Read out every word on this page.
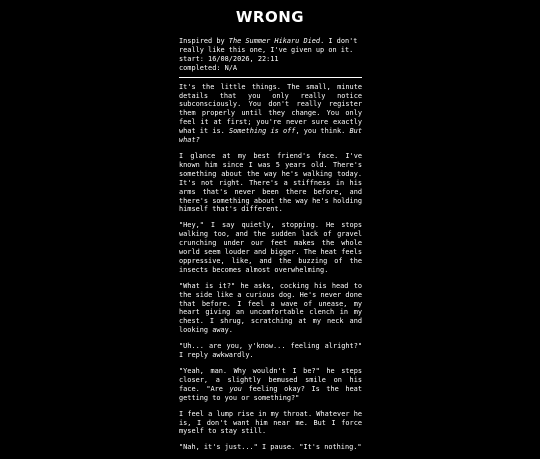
WRONG

Inspired by The Summer Hikaru Died. I don't really like this one, I've given up on it.

start: 16/08/2026, 22:11

completed: N/A

It's the little things. The small, minute details that you only really notice subconsciously. You don't really register them properly until they change. You only feel it at first; you're never sure exactly what it is. Something is off, you think. But what?

I glance at my best friend's face. I've known him since I was 5 years old. There's something about the way he's walking today. It's not right. There's a stiffness in his arms that's never been there before, and there's something about the way he's holding himself that's different.

"Hey," I say quietly, stopping. He stops walking too, and the sudden lack of gravel crunching under our feet makes the whole world seem louder and bigger. The heat feels oppressive, like, and the buzzing of the insects becomes almost overwhelming.

"What is it?" he asks, cocking his head to the side like a curious dog. He's never done that before. I feel a wave of unease, my heart giving an uncomfortable clench in my chest. I shrug, scratching at my neck and looking away.

"Uh... are you, y'know... feeling alright?" I reply awkwardly.

"Yeah, man. Why wouldn't I be?" he steps closer, a slightly bemused smile on his face. "Are you feeling okay? Is the heat getting to you or something?"

I feel a lump rise in my throat. Whatever he is, I don't want him near me. But I force myself to stay still.

"Nah, it's just..." I pause. "It's nothing."
